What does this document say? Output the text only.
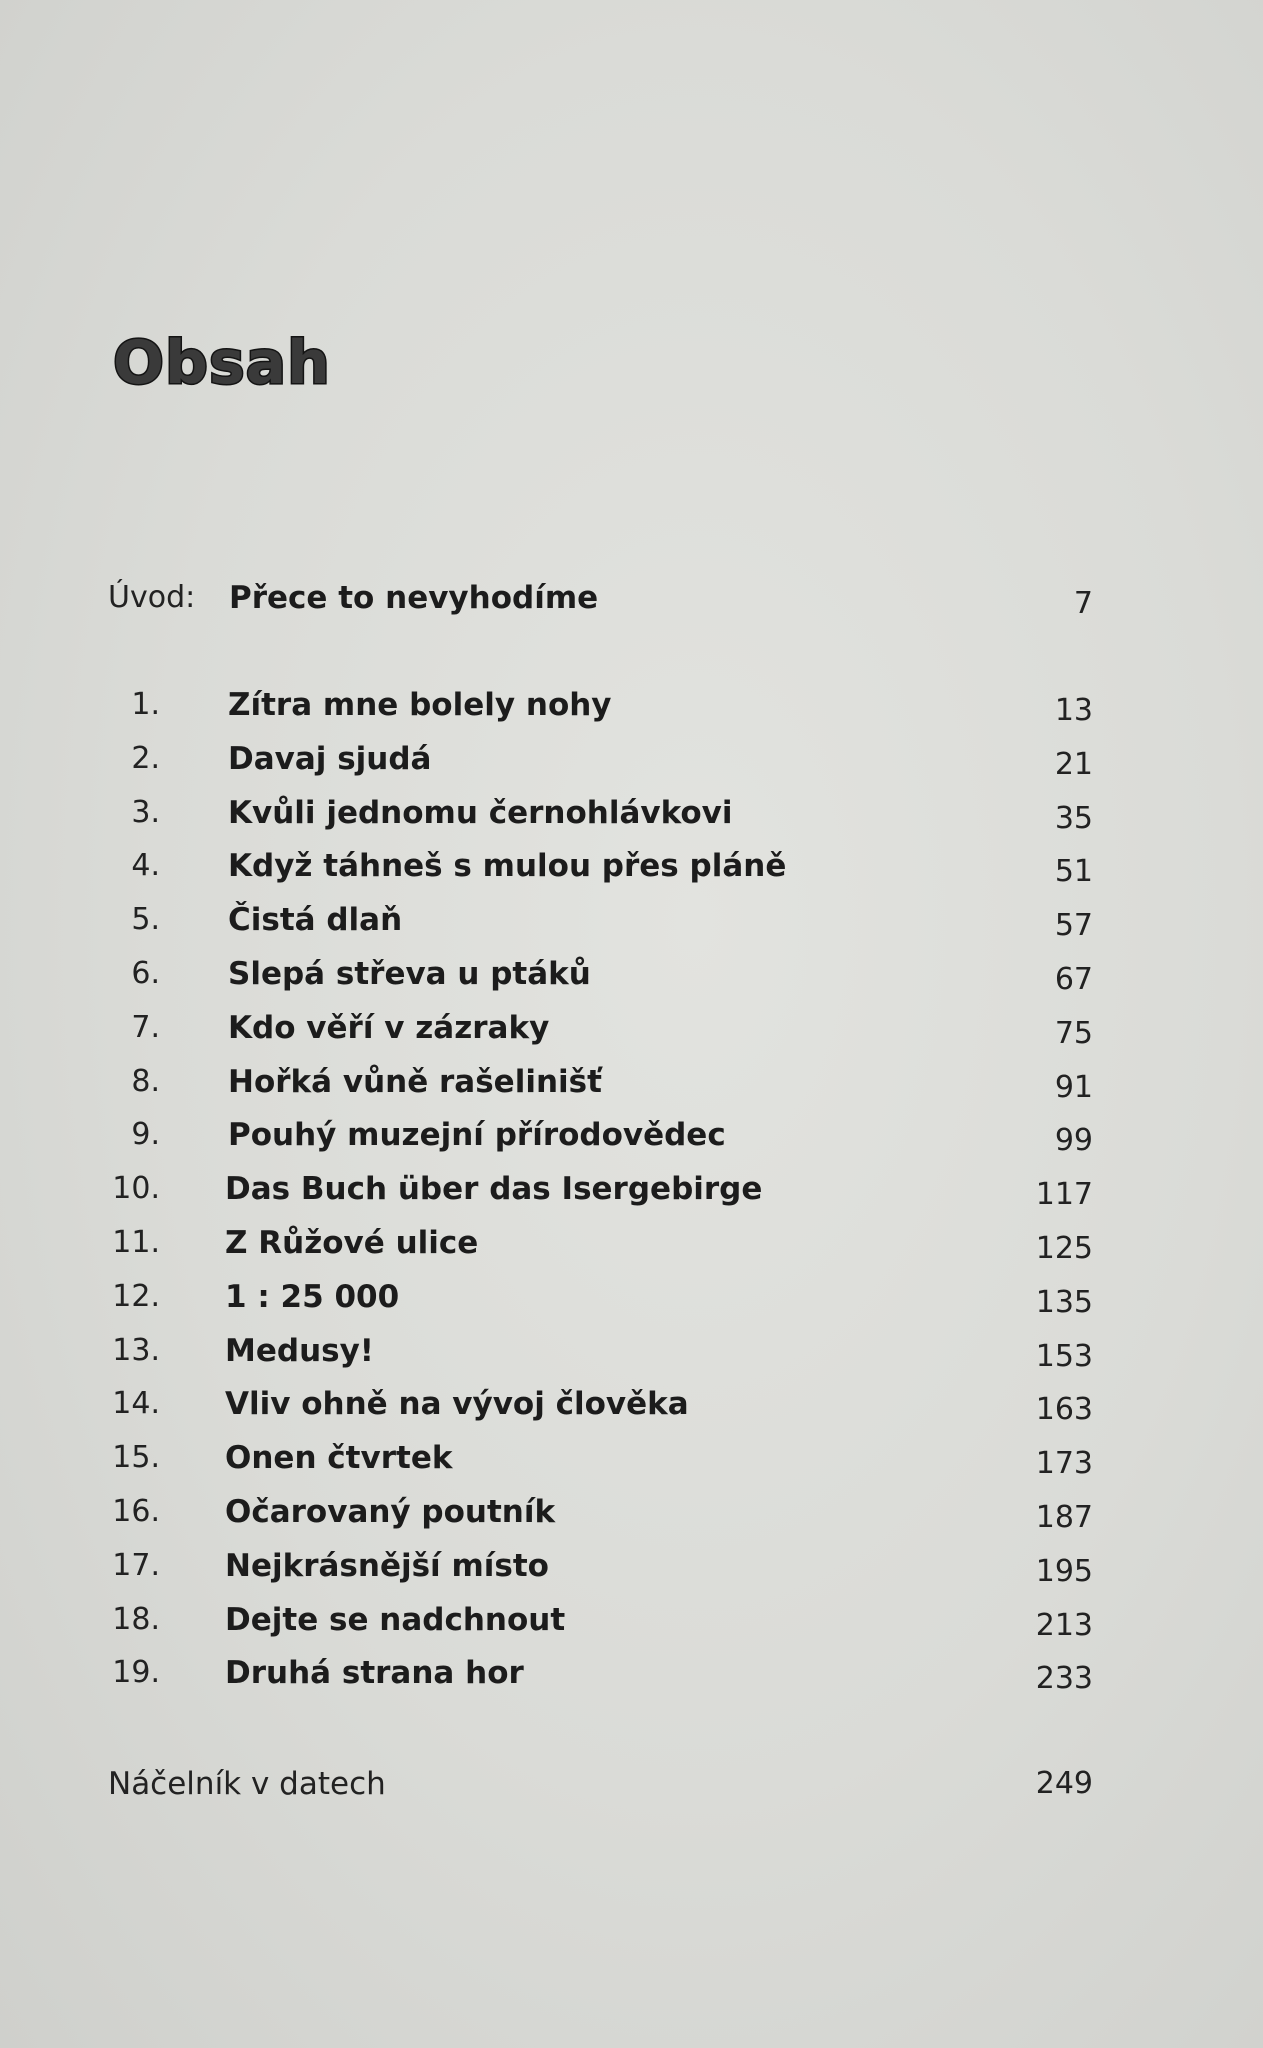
Obsah
Úvod: Přece to nevyhodíme	7
1. Zítra mne bolely nohy	13
2. Davaj sjudá	21
3. Kvůli jednomu černohlávkovi	35
4. Když táhneš s mulou přes pláně	51
5. Čistá dlaň	57
6. Slepá střeva u ptáků	67
7. Kdo věří v zázraky	75
8. Hořká vůně rašelinišť	91
9. Pouhý muzejní přírodovědec	99
10. Das Buch über das Isergebirge	117
11. Z Růžové ulice	125
12. 1 : 25 000	135
13. Medusy!	153
14. Vliv ohně na vývoj člověka	163
15. Onen čtvrtek	173
16. Očarovaný poutník	187
17. Nejkrásnější místo	195
18. Dejte se nadchnout	213
19. Druhá strana hor	233
Náčelník v datech	249
